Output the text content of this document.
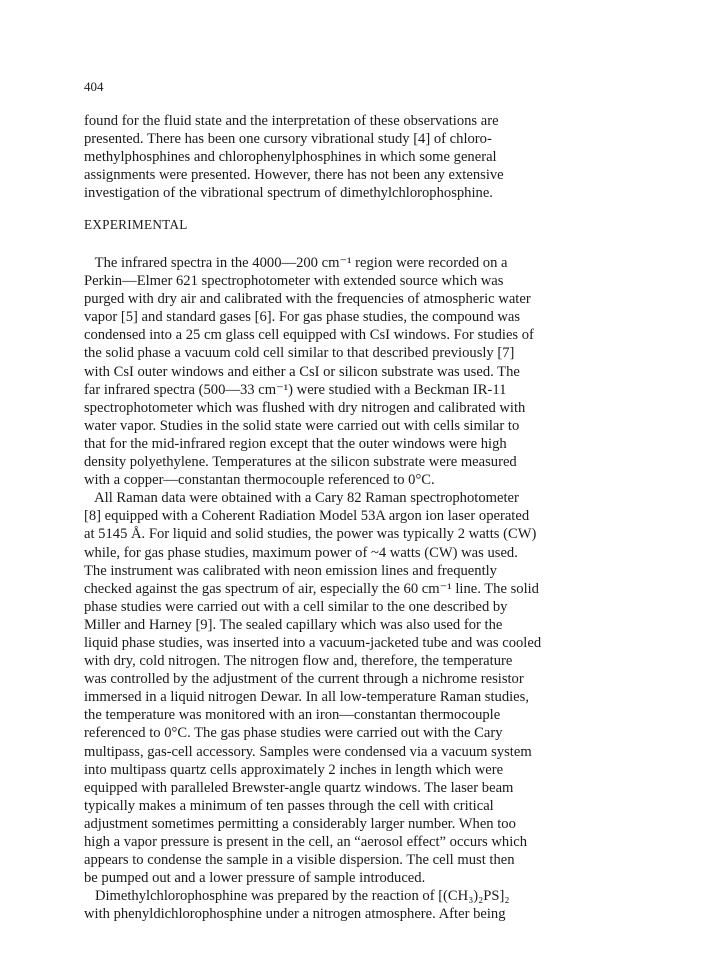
404
found for the fluid state and the interpretation of these observations are
presented. There has been one cursory vibrational study [4] of chloro-
methylphosphines and chlorophenylphosphines in which some general
assignments were presented. However, there has not been any extensive
investigation of the vibrational spectrum of dimethylchlorophosphine.
EXPERIMENTAL
The infrared spectra in the 4000—200 cm⁻¹ region were recorded on a
Perkin—Elmer 621 spectrophotometer with extended source which was
purged with dry air and calibrated with the frequencies of atmospheric water
vapor [5] and standard gases [6]. For gas phase studies, the compound was
condensed into a 25 cm glass cell equipped with CsI windows. For studies of
the solid phase a vacuum cold cell similar to that described previously [7]
with CsI outer windows and either a CsI or silicon substrate was used. The
far infrared spectra (500—33 cm⁻¹) were studied with a Beckman IR-11
spectrophotometer which was flushed with dry nitrogen and calibrated with
water vapor. Studies in the solid state were carried out with cells similar to
that for the mid-infrared region except that the outer windows were high
density polyethylene. Temperatures at the silicon substrate were measured
with a copper—constantan thermocouple referenced to 0°C.
All Raman data were obtained with a Cary 82 Raman spectrophotometer
[8] equipped with a Coherent Radiation Model 53A argon ion laser operated
at 5145 Å. For liquid and solid studies, the power was typically 2 watts (CW)
while, for gas phase studies, maximum power of ~4 watts (CW) was used.
The instrument was calibrated with neon emission lines and frequently
checked against the gas spectrum of air, especially the 60 cm⁻¹ line. The solid
phase studies were carried out with a cell similar to the one described by
Miller and Harney [9]. The sealed capillary which was also used for the
liquid phase studies, was inserted into a vacuum-jacketed tube and was cooled
with dry, cold nitrogen. The nitrogen flow and, therefore, the temperature
was controlled by the adjustment of the current through a nichrome resistor
immersed in a liquid nitrogen Dewar. In all low-temperature Raman studies,
the temperature was monitored with an iron—constantan thermocouple
referenced to 0°C. The gas phase studies were carried out with the Cary
multipass, gas-cell accessory. Samples were condensed via a vacuum system
into multipass quartz cells approximately 2 inches in length which were
equipped with paralleled Brewster-angle quartz windows. The laser beam
typically makes a minimum of ten passes through the cell with critical
adjustment sometimes permitting a considerably larger number. When too
high a vapor pressure is present in the cell, an “aerosol effect” occurs which
appears to condense the sample in a visible dispersion. The cell must then
be pumped out and a lower pressure of sample introduced.
Dimethylchlorophosphine was prepared by the reaction of [(CH₃)₂PS]₂
with phenyldichlorophosphine under a nitrogen atmosphere. After being
